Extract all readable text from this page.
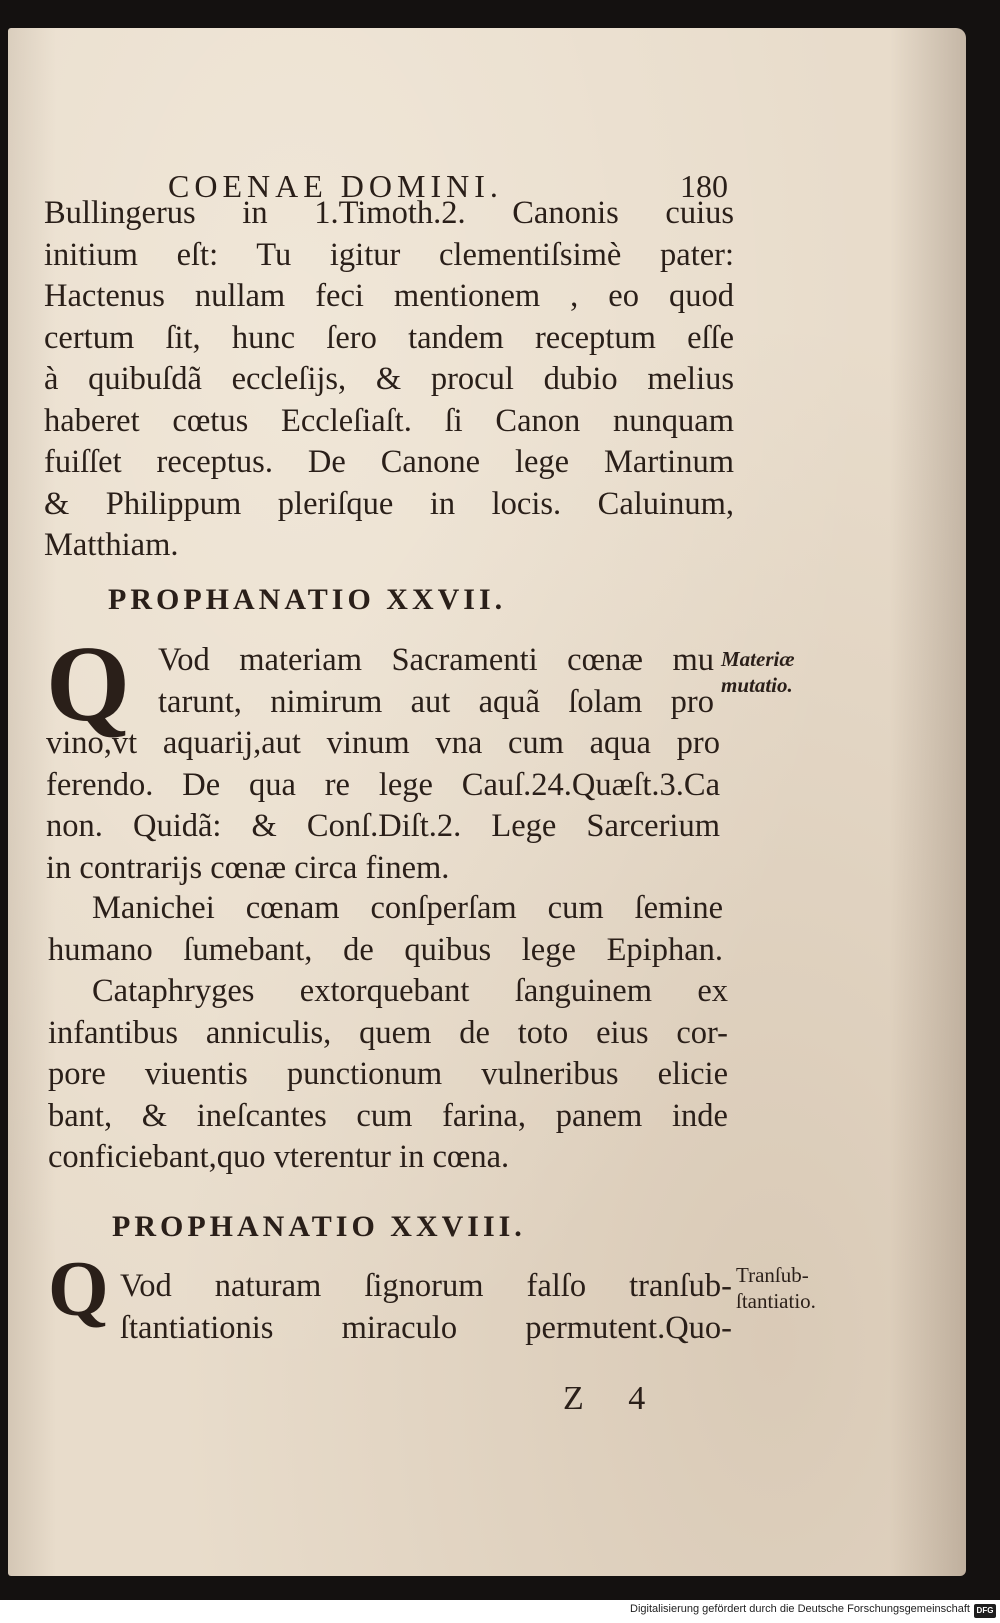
COENAE DOMINI.	180
Bullingerus in 1.Timoth.2. Canonis cuius
initium eſt: Tu igitur clementiſsimè pater:
Hactenus nullam feci mentionem , eo quod
certum ſit, hunc ſero tandem receptum eſſe
à quibuſdã eccleſijs, & procul dubio melius
haberet cœtus Eccleſiaſt. ſi Canon nunquam
fuiſſet receptus. De Canone lege Martinum
& Philippum pleriſque in locis. Caluinum,
Matthiam.
PROPHANATIO XXVII.
Q Vod materiam Sacramenti cœnæ mu
tarunt, nimirum aut aquã ſolam pro
Materiæ
mutatio.
vino,vt aquarij,aut vinum vna cum aqua pro
ferendo. De qua re lege Cauſ.24.Quæſt.3.Ca
non. Quidã: & Conſ.Diſt.2. Lege Sarcerium
in contrarijs cœnæ circa finem.
Manichei cœnam conſperſam cum ſemine
humano ſumebant, de quibus lege Epiphan.
Cataphryges extorquebant ſanguinem ex
infantibus anniculis, quem de toto eius cor-
pore viuentis punctionum vulneribus elicie
bant, & ineſcantes cum farina, panem inde
conficiebant,quo vterentur in cœna.
PROPHANATIO XXVIII.
Q Vod naturam ſignorum falſo tranſub-
ſtantiationis miraculo permutent.Quo-
Tranſub-
ſtantiatio.
Z 4
Digitalisierung gefördert durch die Deutsche Forschungsgemeinschaft DFG
